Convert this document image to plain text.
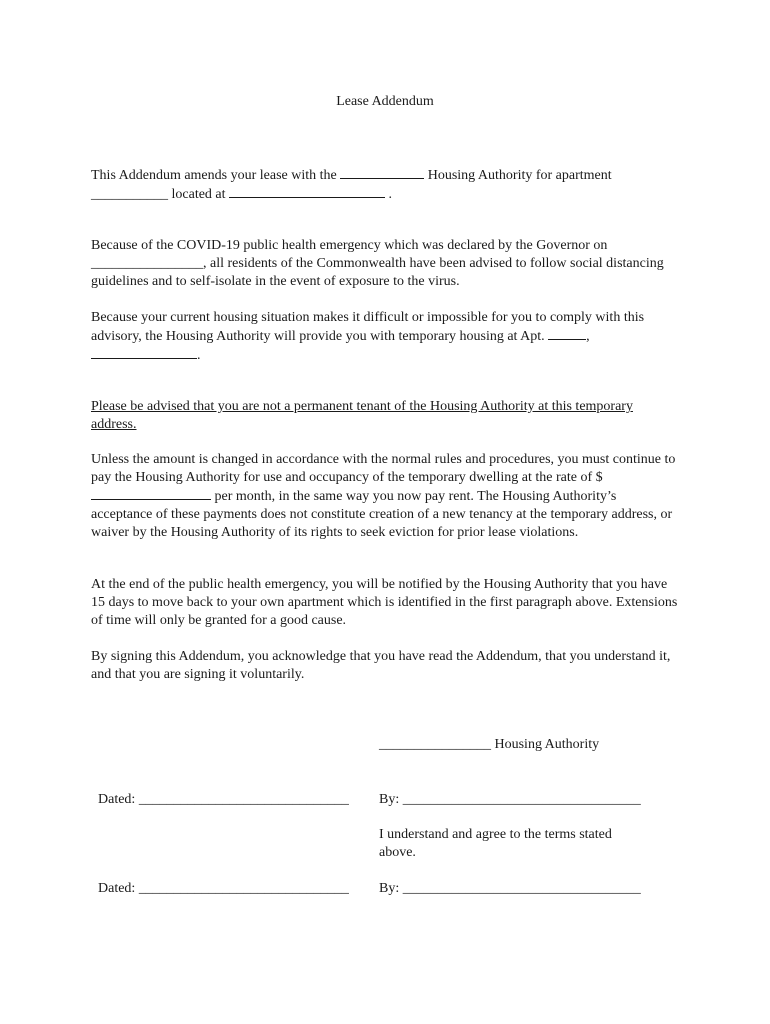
Lease Addendum

This Addendum amends your lease with the	Housing Authority for apartment
___________ located at	.

Because of the COVID-19 public health emergency which was declared by the Governor on ________________, all residents of the Commonwealth have been advised to follow social distancing guidelines and to self-isolate in the event of exposure to the virus.

Because your current housing situation makes it difficult or impossible for you to comply with this advisory, the Housing Authority will provide you with temporary housing at Apt.	,
.

Please be advised that you are not a permanent tenant of the Housing Authority at this temporary address.

Unless the amount is changed in accordance with the normal rules and procedures, you must continue to pay the Housing Authority for use and occupancy of the temporary dwelling at the rate of $  per month, in the same way you now pay rent. The Housing Authority’s acceptance of these payments does not constitute creation of a new tenancy at the temporary address, or waiver by the Housing Authority of its rights to seek eviction for prior lease violations.

At the end of the public health emergency, you will be notified by the Housing Authority that you have 15 days to move back to your own apartment which is identified in the first paragraph above. Extensions of time will only be granted for a good cause.

By signing this Addendum, you acknowledge that you have read the Addendum, that you understand it, and that you are signing it voluntarily.

________________ Housing Authority
Dated: ______________________________ By: __________________________________
I understand and agree to the terms stated above.
Dated: ______________________________ By: __________________________________
